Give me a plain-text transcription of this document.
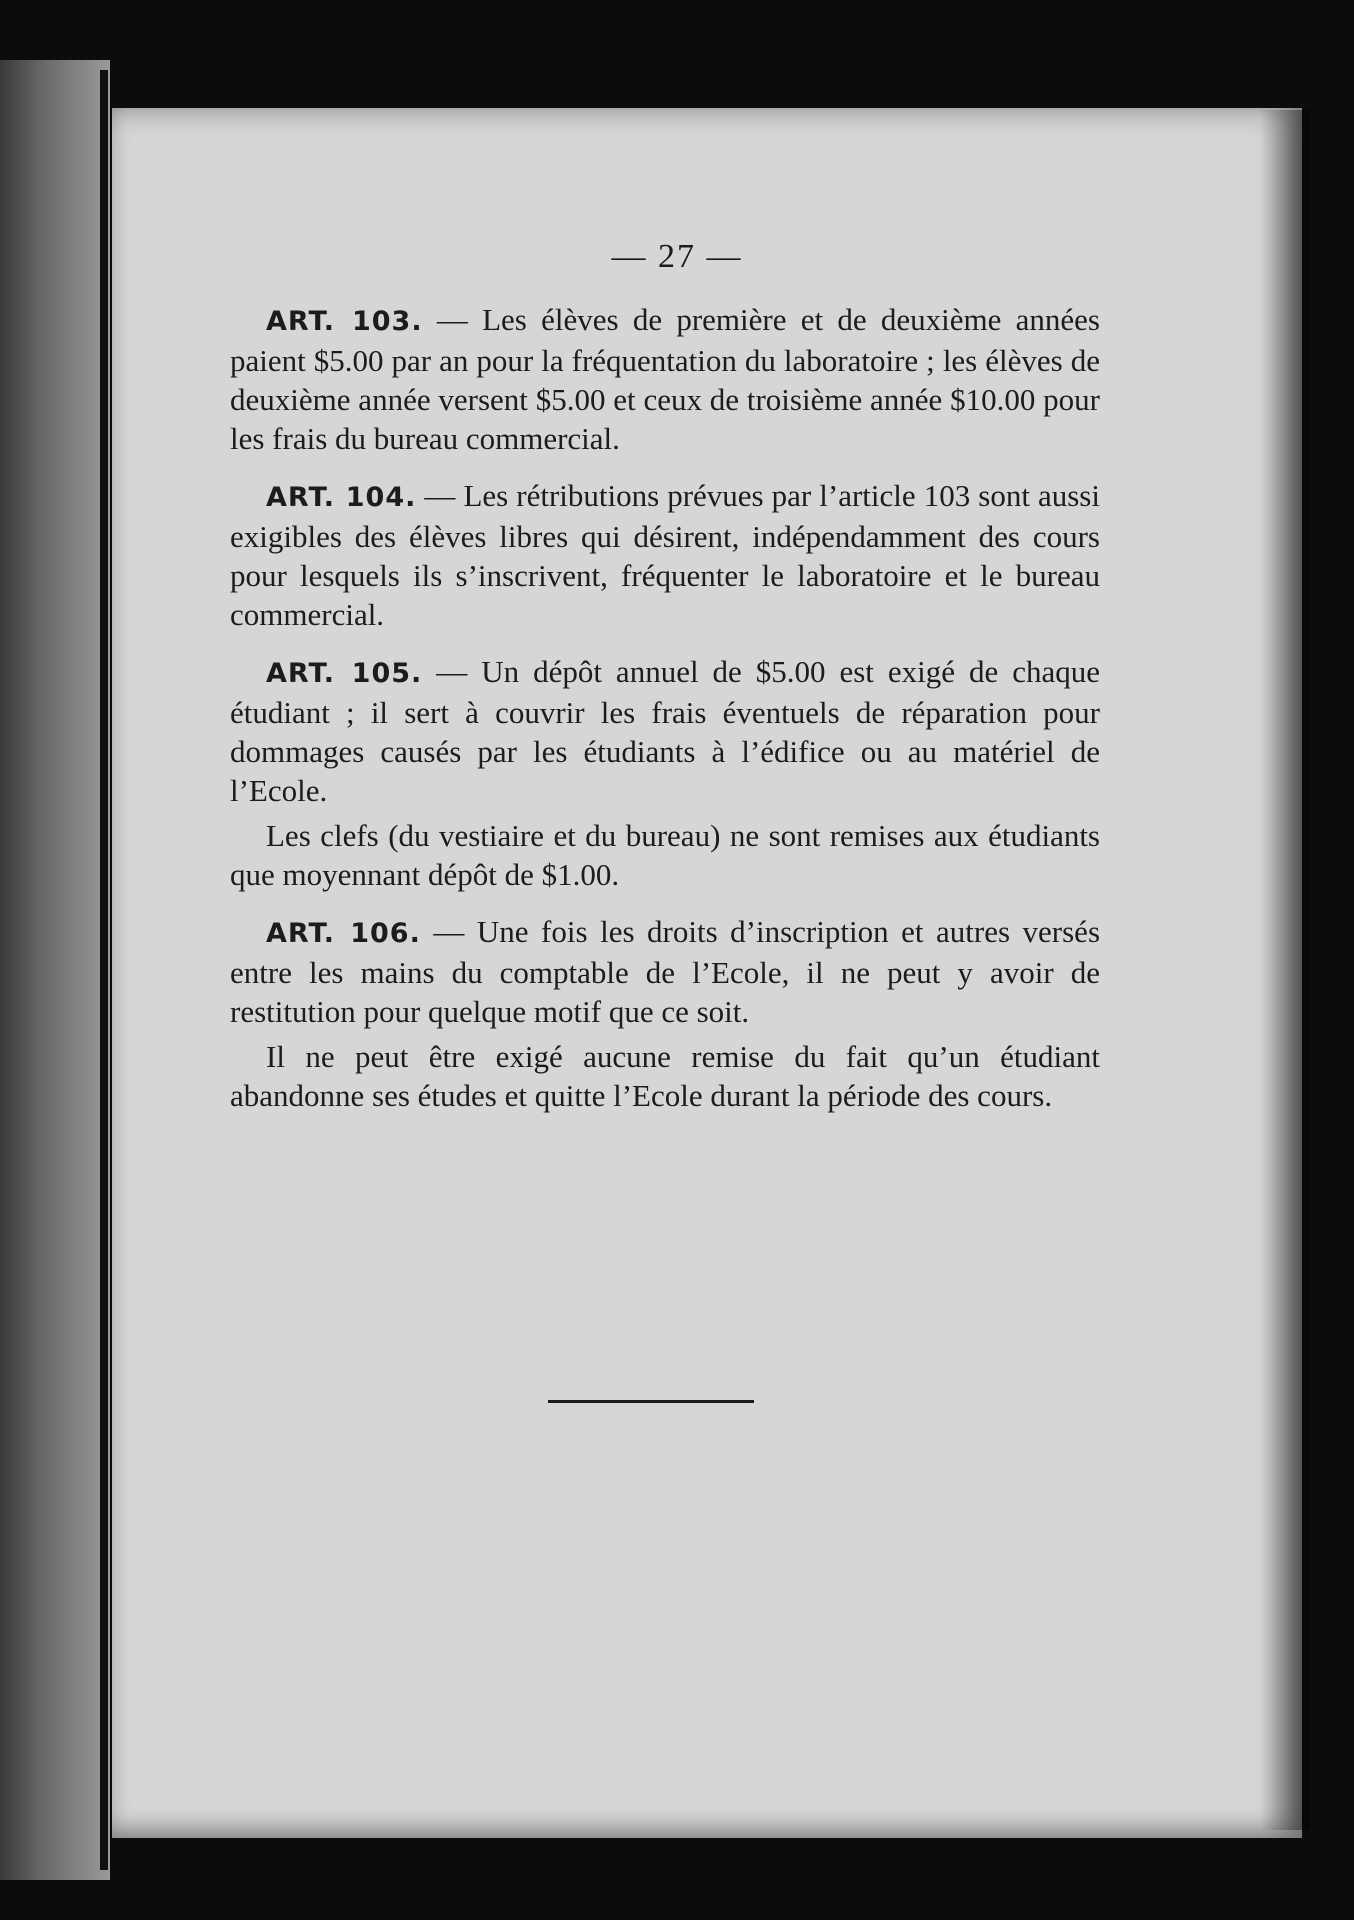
— 27 —

ART. 103. — Les élèves de première et de deuxième années paient $5.00 par an pour la fréquentation du laboratoire ; les élèves de deuxième année versent $5.00 et ceux de troisième année $10.00 pour les frais du bureau commercial.

ART. 104. — Les rétributions prévues par l’article 103 sont aussi exigibles des élèves libres qui désirent, indépendamment des cours pour lesquels ils s’inscrivent, fréquenter le laboratoire et le bureau commercial.

ART. 105. — Un dépôt annuel de $5.00 est exigé de chaque étudiant ; il sert à couvrir les frais éventuels de réparation pour dommages causés par les étudiants à l’édifice ou au matériel de l’Ecole.

Les clefs (du vestiaire et du bureau) ne sont remises aux étudiants que moyennant dépôt de $1.00.

ART. 106. — Une fois les droits d’inscription et autres versés entre les mains du comptable de l’Ecole, il ne peut y avoir de restitution pour quelque motif que ce soit.

Il ne peut être exigé aucune remise du fait qu’un étudiant abandonne ses études et quitte l’Ecole durant la période des cours.
